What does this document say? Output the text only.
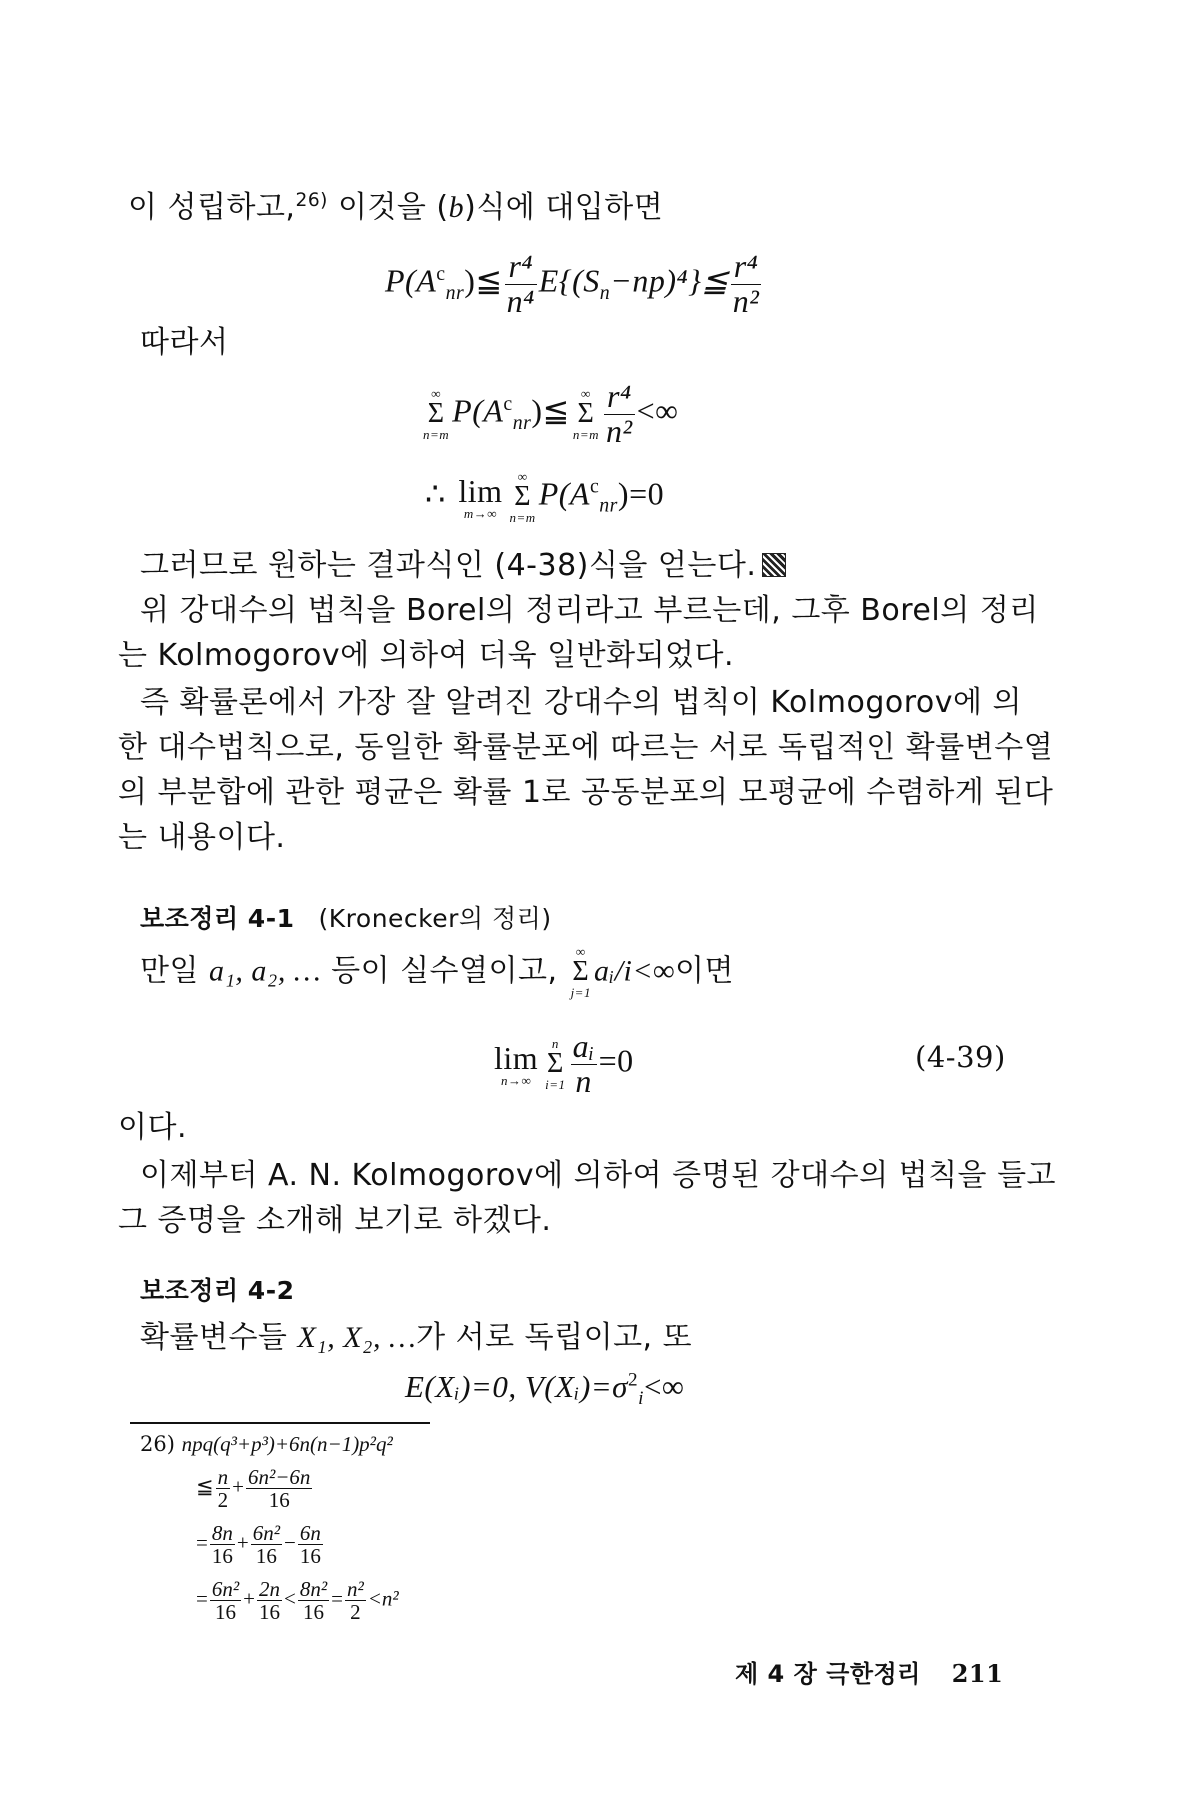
이 성립하고,$^{26)}$ 이것을 (b)식에 대입하면
$P(A^c_{nr})≦ \frac{\text{r⁴}}{\text{n⁴}}$ $E\{(S_n-np)^4\}≦ \frac{\text{r⁴}}{\text{n²}}$
따라서
∞
Σ
n=m
$P(A^c_{nr})≦$ ∞
Σ
$n=m \frac{\text{r⁴}}{\text{n²}}$ <∞
∴ lim
m→∞
∞
Σ
n=m
$P(A^c_{nr})=0$
그러므로 원하는 결과식인 (4-38)식을 얻는다.
위 강대수의 법칙을 Borel의 정리라고 부르는데, 그후 Borel의 정리
는 Kolmogorov에 의하여 더욱 일반화되었다.
즉 확률론에서 가장 잘 알려진 강대수의 법칙이 Kolmogorov에 의
한 대수법칙으로, 동일한 확률분포에 따르는 서로 독립적인 확률변수열
의 부분합에 관한 평균은 확률 1로 공동분포의 모평균에 수렴하게 된다
는 내용이다.
보조정리 4-1 (Kronecker의 정리)
만일 a₁, a₂, … 등이 실수열이고,
∞
Σ
j=1
aᵢ/i<∞이면
lim
n→∞
n
Σ
$i=1 \frac{\text{aᵢ}}{n} =0$	(4-39)
이다.
이제부터 A. N. Kolmogorov에 의하여 증명된 강대수의 법칙을 들고
그 증명을 소개해 보기로 하겠다.
보조정리 4-2
확률변수들 X₁, X₂, …가 서로 독립이고, 또
E(Xᵢ)=0, $V(Xᵢ)=\sigma^2_i<\infty$
26) npq(q³+p³)+6n(n−1)p²q²
≦ $\frac{n}{2} + \frac{\text{6n²−6n}}{16}$
= $\frac{8n}{16} + \frac{\text{6n²}}{16} - \frac{6n}{16}$
= $\frac{\text{6n²}}{16} + \frac{2n}{16} < \frac{\text{8n²}}{16} = \frac{\text{n²}}{2} <n^2$
제 4 장 극한정리 211
